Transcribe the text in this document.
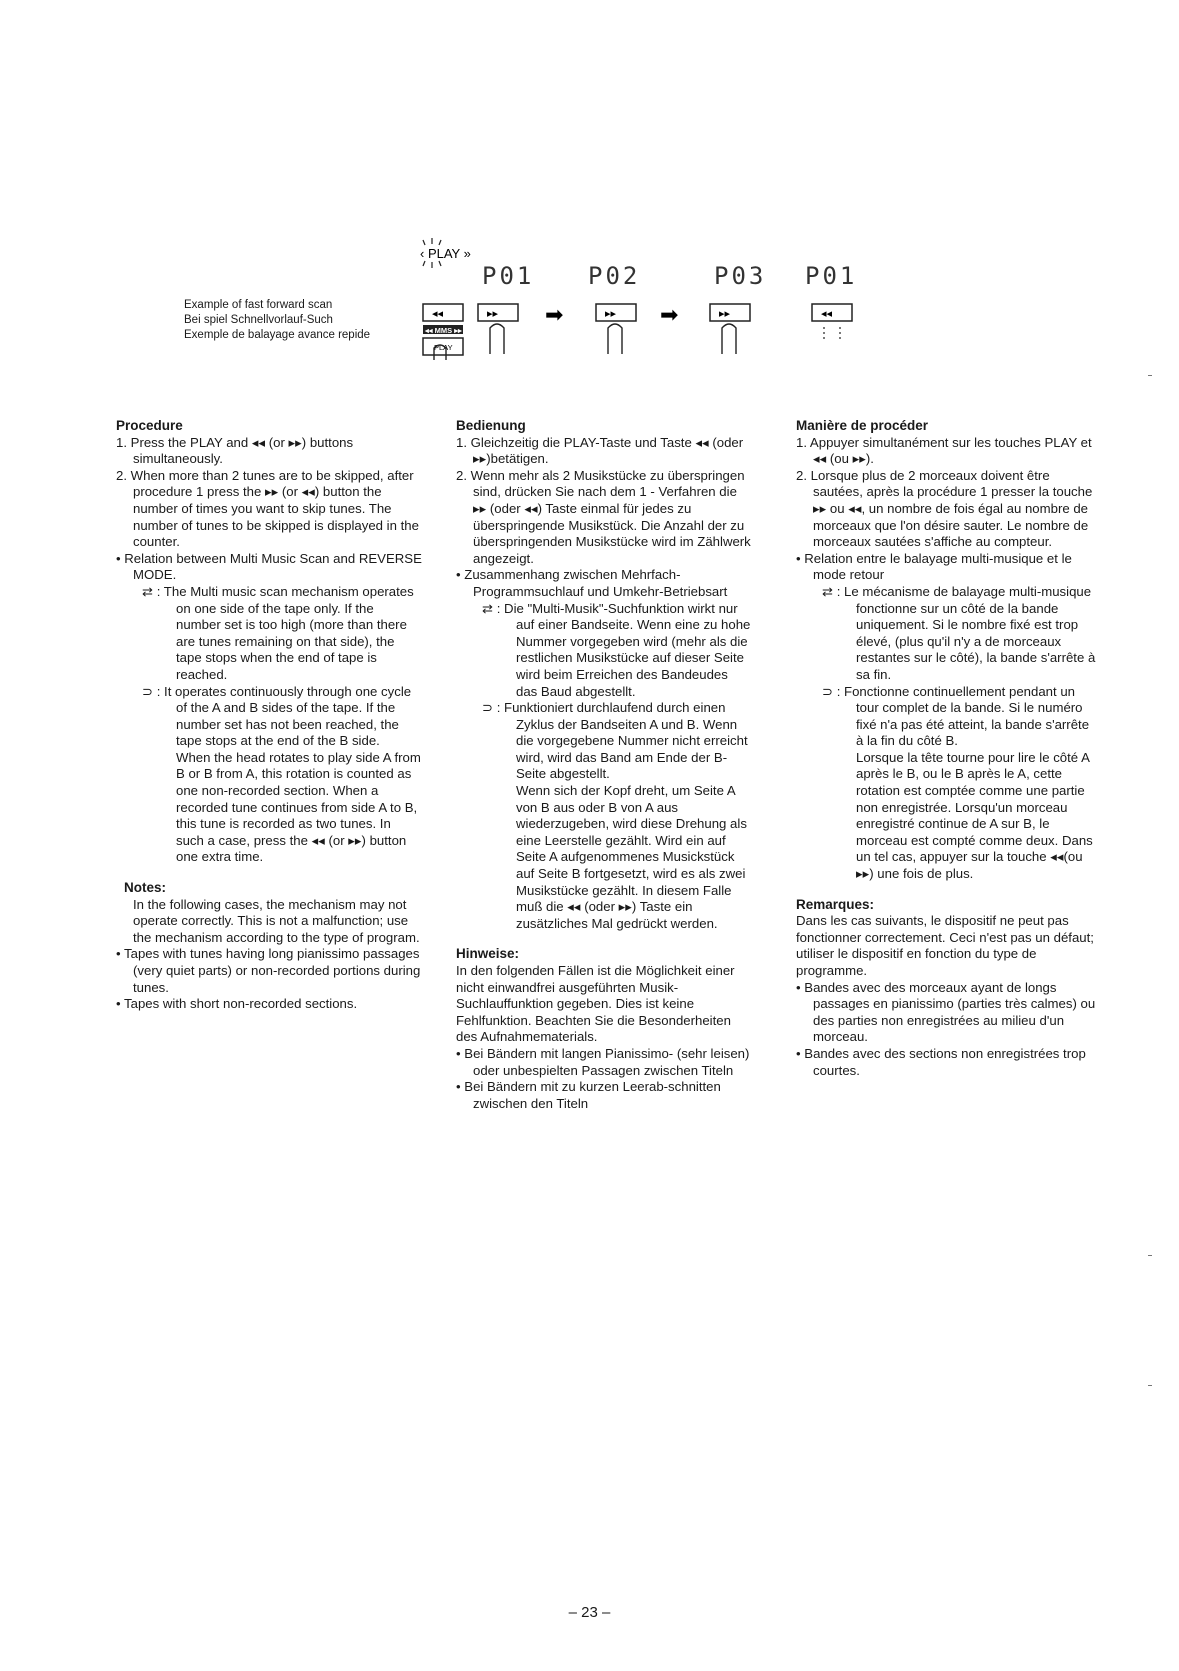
Example of fast forward scan
Bei spiel Schnellvorlauf-Such
Exemple de balayage avance repide
‹ PLAY »
P01 P02	P03 P01
◂◂	▸▸
◂◂ MMS ▸▸
PLAY
➡	▸▸ ➡	▸▸	◂◂
Procedure

1. Press the PLAY and ◂◂ (or ▸▸) buttons simultaneously.

2. When more than 2 tunes are to be skipped, after procedure 1 press the ▸▸ (or ◂◂) button the number of times you want to skip tunes. The number of tunes to be skipped is displayed in the counter.

• Relation between Multi Music Scan and REVERSE MODE.

⇄ : The Multi music scan mechanism operates on one side of the tape only. If the number set is too high (more than there are tunes remaining on that side), the tape stops when the end of tape is reached.

⊃ : It operates continuously through one cycle of the A and B sides of the tape. If the number set has not been reached, the tape stops at the end of the B side.

When the head rotates to play side A from B or B from A, this rotation is counted as one non-recorded section. When a recorded tune continues from side A to B, this tune is recorded as two tunes. In such a case, press the ◂◂ (or ▸▸) button one extra time.

Notes:

In the following cases, the mechanism may not operate correctly. This is not a malfunction; use the mechanism according to the type of program.

• Tapes with tunes having long pianissimo passages (very quiet parts) or non-recorded portions during tunes.

• Tapes with short non-recorded sections.

Bedienung

1. Gleichzeitig die PLAY-Taste und Taste ◂◂ (oder ▸▸)betätigen.

2. Wenn mehr als 2 Musikstücke zu überspringen sind, drücken Sie nach dem 1 - Verfahren die

▸▸ (oder ◂◂) Taste einmal für jedes zu überspringende Musikstück. Die Anzahl der zu überspringenden Musikstücke wird im Zählwerk angezeigt.

• Zusammenhang zwischen Mehrfach-Programmsuchlauf und Umkehr-Betriebsart

⇄ : Die "Multi-Musik"-Suchfunktion wirkt nur auf einer Bandseite. Wenn eine zu hohe Nummer vorgegeben wird (mehr als die restlichen Musikstücke auf dieser Seite wird beim Erreichen des Bandeudes das Baud abgestellt.

⊃ : Funktioniert durchlaufend durch einen Zyklus der Bandseiten A und B. Wenn die vorgegebene Nummer nicht erreicht wird, wird das Band am Ende der B-Seite abgestellt.

Wenn sich der Kopf dreht, um Seite A von B aus oder B von A aus wiederzugeben, wird diese Drehung als eine Leerstelle gezählt. Wird ein auf Seite A aufgenommenes Musickstück auf Seite B fortgesetzt, wird es als zwei Musikstücke gezählt. In diesem Falle muß die ◂◂ (oder ▸▸) Taste ein zusätzliches Mal gedrückt werden.

Hinweise:

In den folgenden Fällen ist die Möglichkeit einer nicht einwandfrei ausgeführten Musik-Suchlauffunktion gegeben. Dies ist keine Fehlfunktion. Beachten Sie die Besonderheiten des Aufnahmematerials.

• Bei Bändern mit langen Pianissimo- (sehr leisen) oder unbespielten Passagen zwischen Titeln

• Bei Bändern mit zu kurzen Leerab-schnitten zwischen den Titeln

Manière de procéder

1. Appuyer simultanément sur les touches PLAY et ◂◂ (ou ▸▸).

2. Lorsque plus de 2 morceaux doivent être sautées, après la procédure 1 presser la touche ▸▸ ou ◂◂, un nombre de fois égal au nombre de morceaux que l'on désire sauter. Le nombre de morceaux sautées s'affiche au compteur.

• Relation entre le balayage multi-musique et le mode retour

⇄ : Le mécanisme de balayage multi-musique fonctionne sur un côté de la bande uniquement. Si le nombre fixé est trop élevé, (plus qu'il n'y a de morceaux restantes sur le côté), la bande s'arrête à sa fin.

⊃ : Fonctionne continuellement pendant un tour complet de la bande. Si le numéro fixé n'a pas été atteint, la bande s'arrête à la fin du côté B.

Lorsque la tête tourne pour lire le côté A après le B, ou le B après le A, cette rotation est comptée comme une partie non enregistrée. Lorsqu'un morceau enregistré continue de A sur B, le morceau est compté comme deux. Dans un tel cas, appuyer sur la touche ◂◂(ou ▸▸) une fois de plus.

Remarques:

Dans les cas suivants, le dispositif ne peut pas fonctionner correctement. Ceci n'est pas un défaut; utiliser le dispositif en fonction du type de programme.

• Bandes avec des morceaux ayant de longs passages en pianissimo (parties très calmes) ou des parties non enregistrées au milieu d'un morceau.

• Bandes avec des sections non enregistrées trop courtes.

– 23 –
